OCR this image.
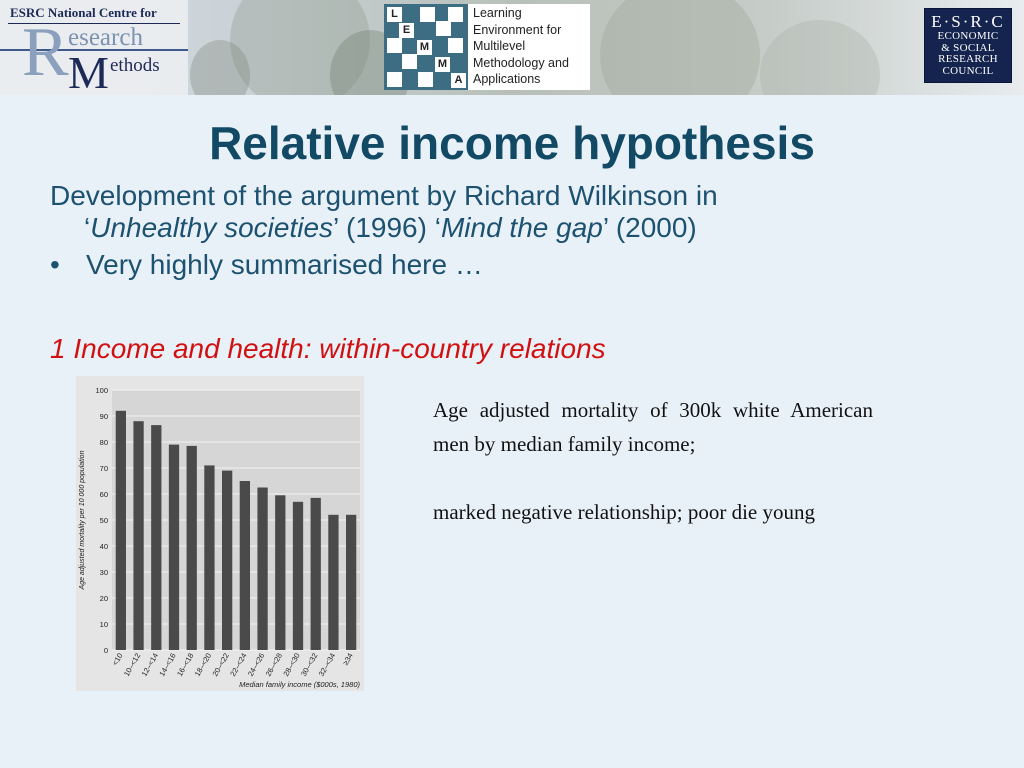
ESRC National Centre for
R esearch
M ethods
L
E
M
M
A

Learning

Environment for

Multilevel

Methodology and

Applications

E·S·R·C
ECONOMIC
& SOCIAL
RESEARCH
COUNCIL
Relative income hypothesis
Development of the argument by Richard Wilkinson in
‘Unhealthy societies’ (1996) ‘Mind the gap’ (2000)
• Very highly summarised here …
1 Income and health: within-country relations
0
10
20
30
40
50
60
70
80
90
100
<10
10–<12
12–<14
14–<16
16–<18
18–<20
20–<22
22–<24
24–<26
26–<28
28–<30
30–<32
32–<34 ≥34
Age adjusted mortality per 10 000 population
Median family income ($000s, 1980)

Age adjusted mortality of 300k white American men by median family income;

marked negative relationship; poor die young
